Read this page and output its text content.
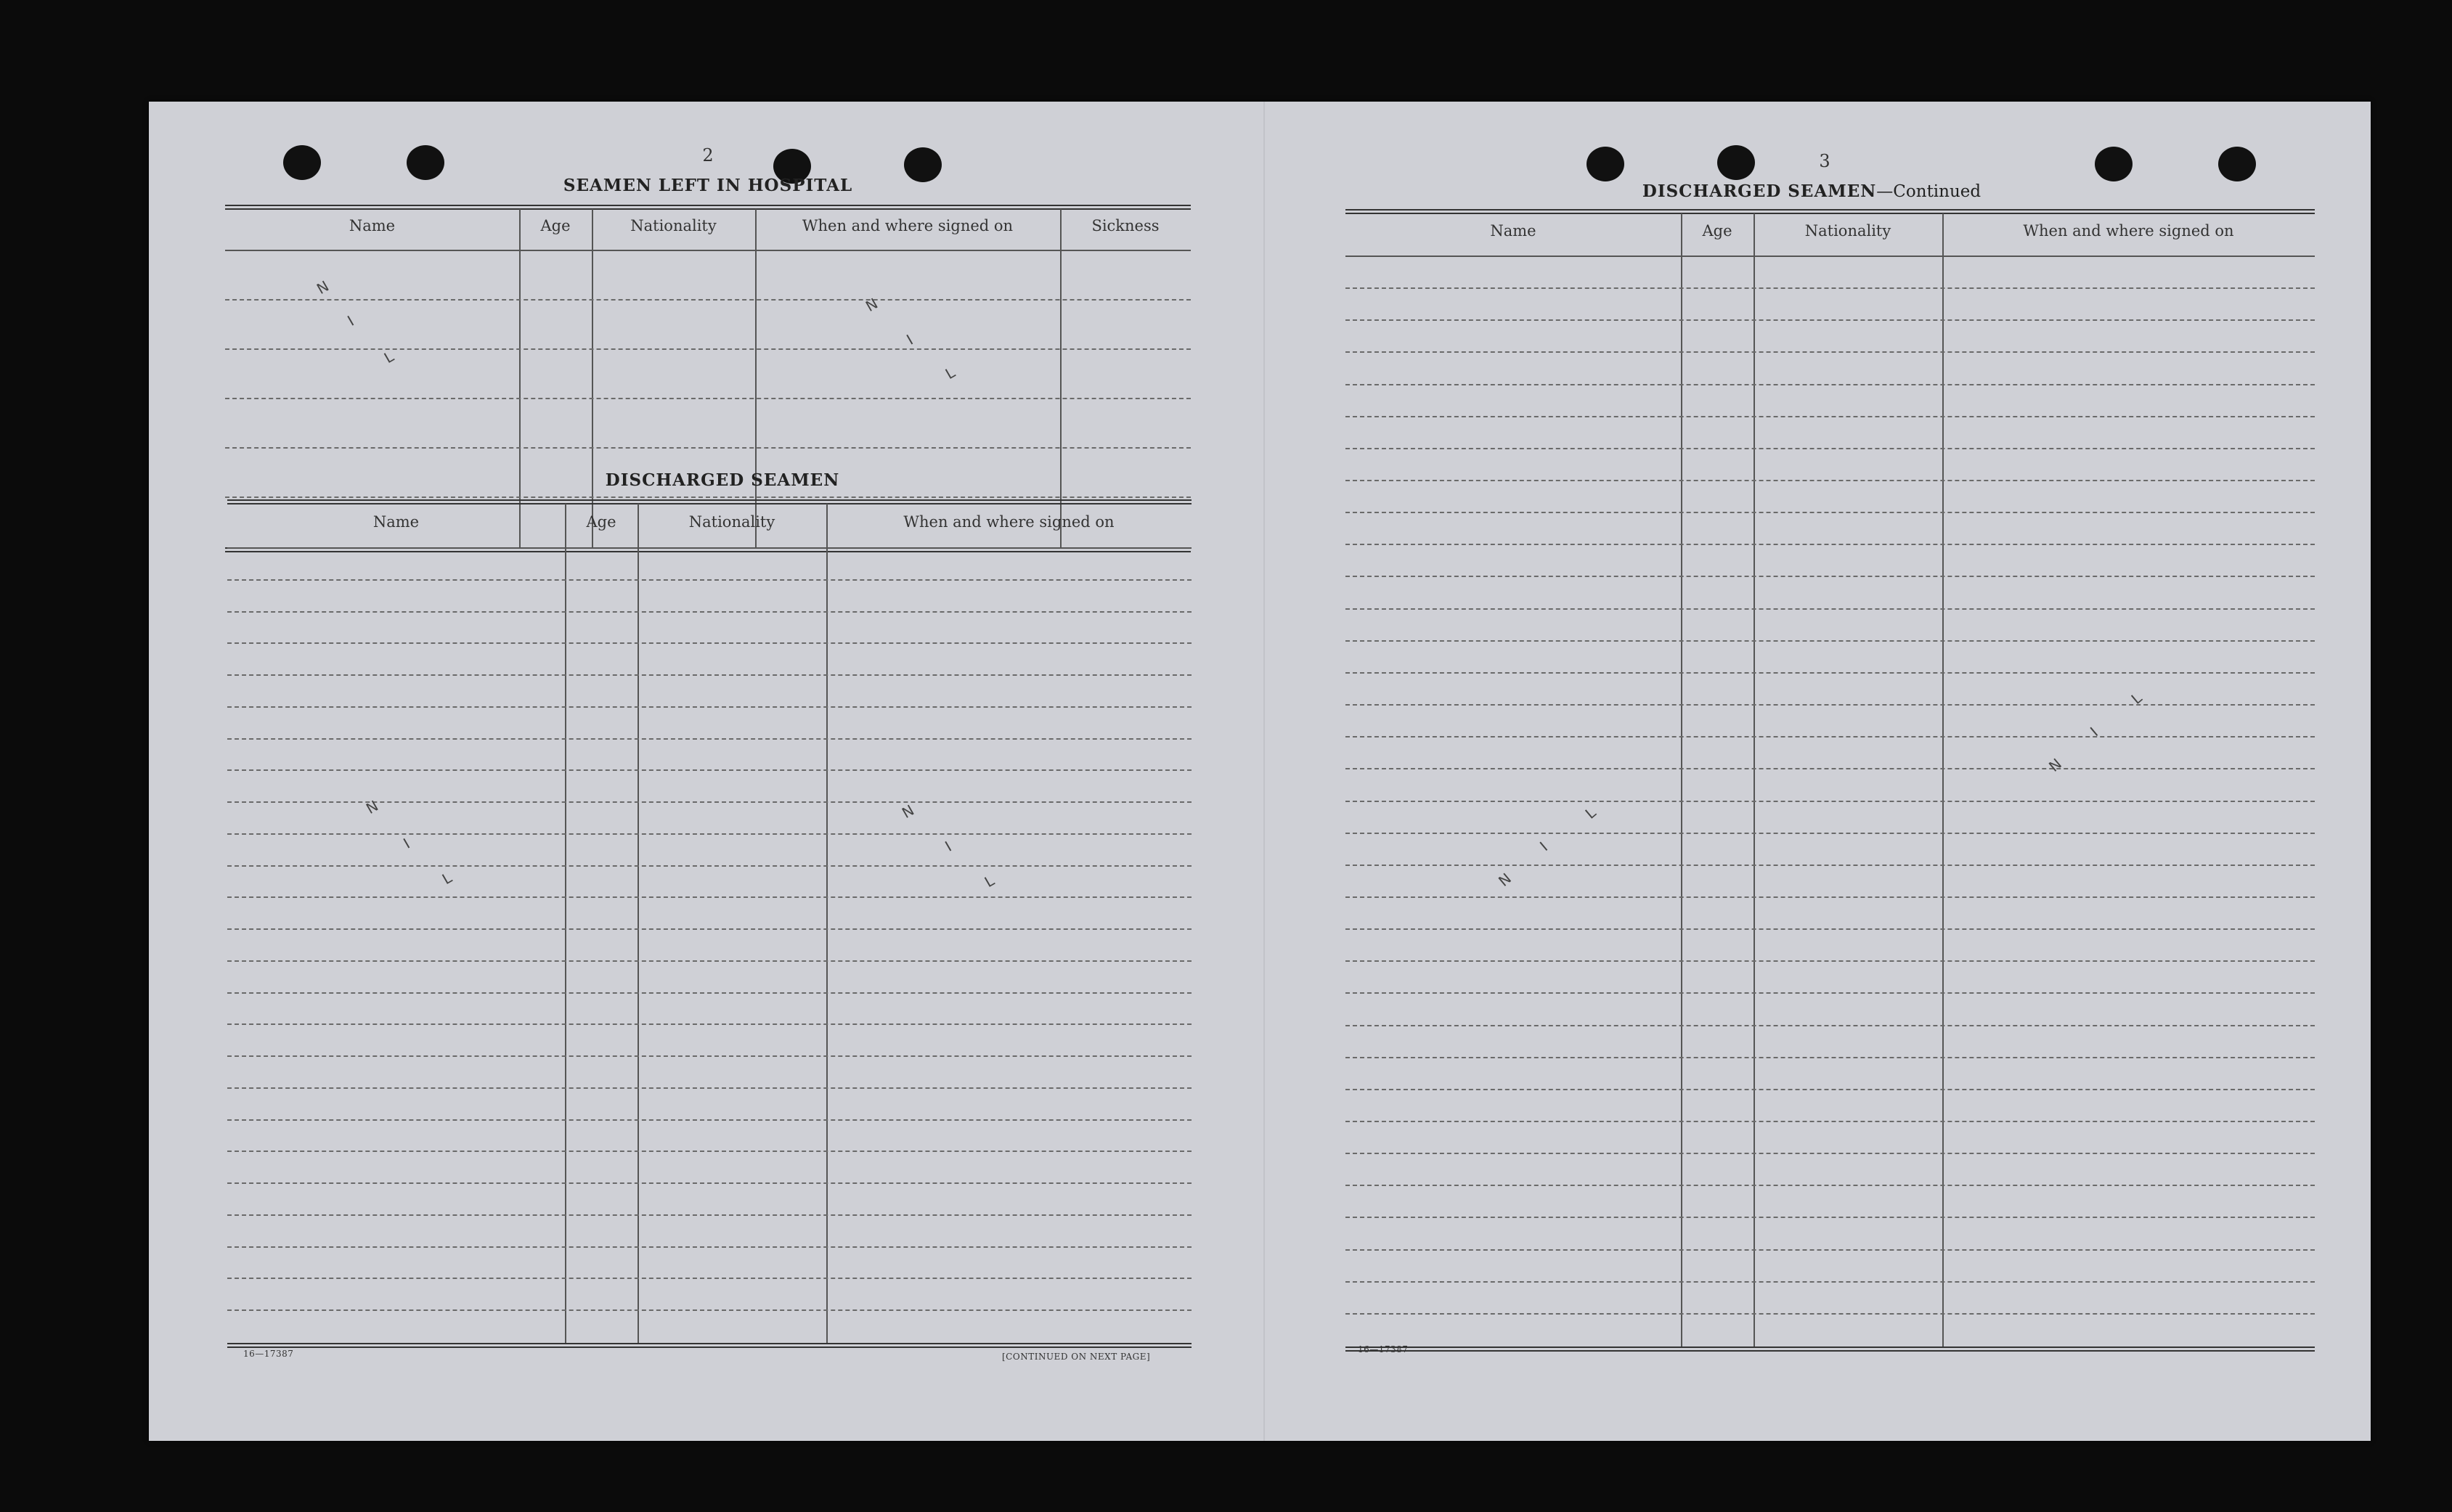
2
SEAMEN LEFT IN HOSPITAL
Name	Age	Nationality	When and where signed on	Sickness
DISCHARGED SEAMEN
Name	Age	Nationality	When and where signed on
16—17387	[CONTINUED ON NEXT PAGE]
3
DISCHARGED SEAMEN—Continued
Name	Age	Nationality	When and where signed on
16—17387
N
I
L
N
I
L
N
I
L
N
I
L	N
I
L
N
I
L
